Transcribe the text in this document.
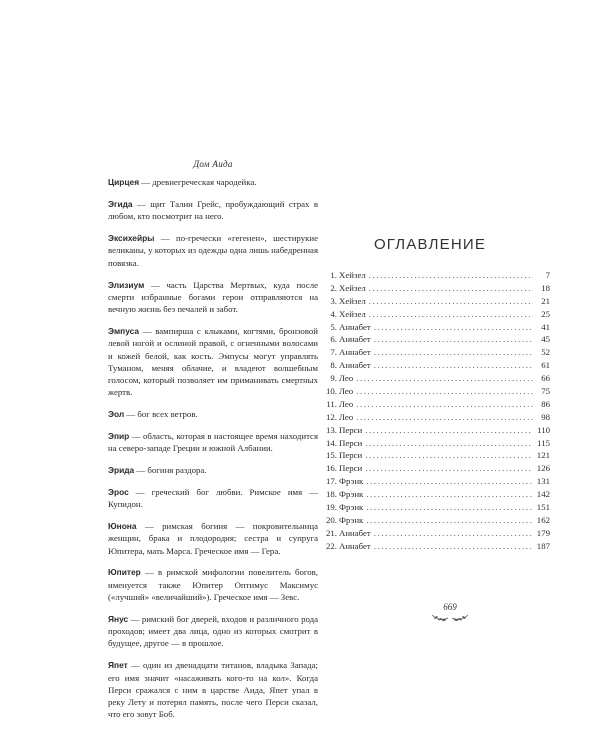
Дом Аида

Цирцея — древнегреческая чародейка.

Эгида — щит Талии Грейс, пробуждающий страх в любом, кто посмотрит на него.

Эксихейры — по-гречески «гегенен», шестирукие великаны, у которых из одежды одна лишь набедренная повязка.

Элизиум — часть Царства Мертвых, куда после смерти избранные богами герои отправляются на вечную жизнь без печалей и забот.

Эмпуса — вампирша с клыками, когтями, бронзовой левой ногой и ослиной правой, с огненными волосами и кожей белой, как кость. Эмпусы могут управлять Туманом, меняя облачие, и владеют волшебным голосом, который позволяет им приманивать смертных жертв.

Эол — бог всех ветров.

Эпир — область, которая в настоящее время находится на северо-западе Греции и южной Албании.

Эрида — богиня раздора.

Эрос — греческий бог любви. Римское имя — Купидон.

Юнона — римская богиня — покровительница женщин, брака и плодородия; сестра и супруга Юпитера, мать Марса. Греческое имя — Гера.

Юпитер — в римской мифологии повелитель богов, именуется также Юпитер Оптимус Максимус («лучший» «величайший»). Греческое имя — Зевс.

Янус — римский бог дверей, входов и различного рода проходов; имеет два лица, одно из которых смотрит в будущее, другое — в прошлое.

Япет — один из двенадцати титанов, владыка Запада; его имя значит «насаживать кого-то на кол». Когда Перси сражался с ним в царстве Аида, Япет упал в реку Лету и потерял память, после чего Перси сказал, что его зовут Боб.

ОГЛАВЛЕНИЕ
1. Хейзел .....	7
2. Хейзел .....	18
3. Хейзел .....	21
4. Хейзел .....	25
5. Аннабет .....	41
6. Аннабет .....	45
7. Аннабет .....	52
8. Аннабет .....	61
9. Лео .....	66
10. Лео .....	75
11. Лео .....	86
12. Лео .....	98
13. Перси .....	110
14. Перси .....	115
15. Перси .....	121
16. Перси .....	126
17. Фрэнк .....	131
18. Фрэнк .....	142
19. Фрэнк .....	151
20. Фрэнк .....	162
21. Аннабет .....	179
22. Аннабет .....	187
669
